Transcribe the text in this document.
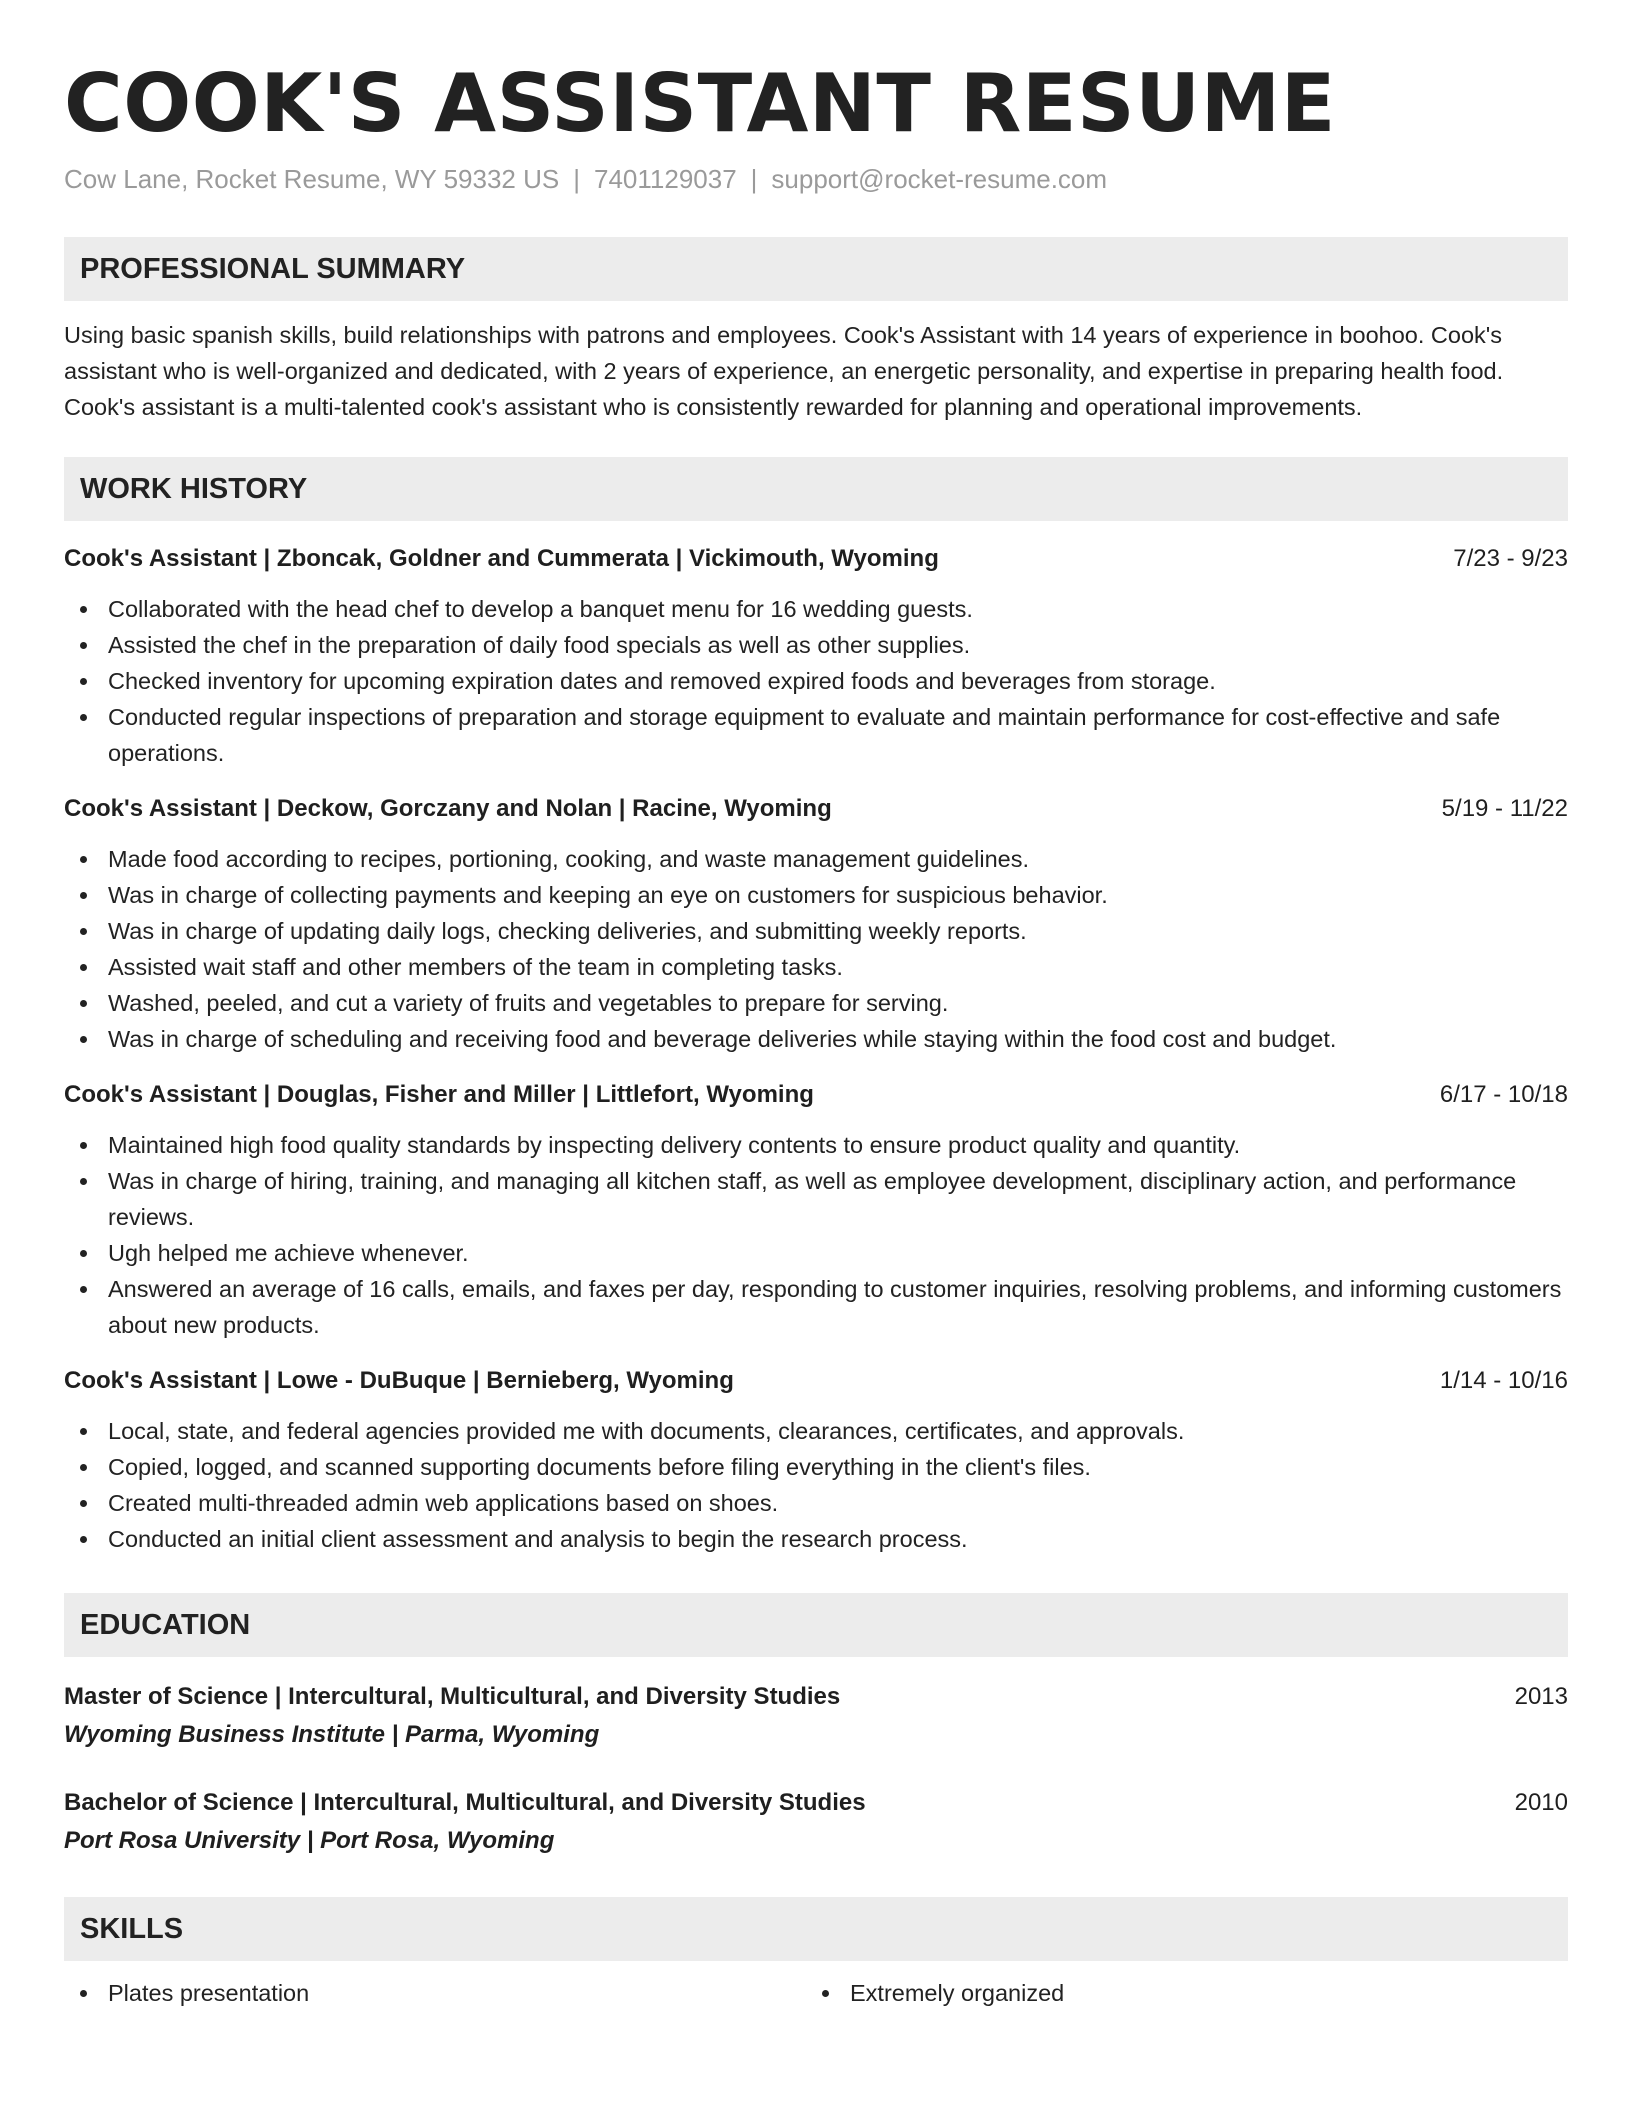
COOK'S ASSISTANT RESUME
Cow Lane, Rocket Resume, WY 59332 US | 7401129037 | support@rocket-resume.com
PROFESSIONAL SUMMARY

Using basic spanish skills, build relationships with patrons and employees. Cook's Assistant with 14 years of experience in boohoo. Cook's assistant who is well-organized and dedicated, with 2 years of experience, an energetic personality, and expertise in preparing health food. Cook's assistant is a multi-talented cook's assistant who is consistently rewarded for planning and operational improvements.

WORK HISTORY
Cook's Assistant | Zboncak, Goldner and Cummerata | Vickimouth, Wyoming	7/23 - 9/23
Collaborated with the head chef to develop a banquet menu for 16 wedding guests.
Assisted the chef in the preparation of daily food specials as well as other supplies.
Checked inventory for upcoming expiration dates and removed expired foods and beverages from storage.
Conducted regular inspections of preparation and storage equipment to evaluate and maintain performance for cost-effective and safe operations.
Cook's Assistant | Deckow, Gorczany and Nolan | Racine, Wyoming	5/19 - 11/22
Made food according to recipes, portioning, cooking, and waste management guidelines.
Was in charge of collecting payments and keeping an eye on customers for suspicious behavior.
Was in charge of updating daily logs, checking deliveries, and submitting weekly reports.
Assisted wait staff and other members of the team in completing tasks.
Washed, peeled, and cut a variety of fruits and vegetables to prepare for serving.
Was in charge of scheduling and receiving food and beverage deliveries while staying within the food cost and budget.
Cook's Assistant | Douglas, Fisher and Miller | Littlefort, Wyoming	6/17 - 10/18
Maintained high food quality standards by inspecting delivery contents to ensure product quality and quantity.
Was in charge of hiring, training, and managing all kitchen staff, as well as employee development, disciplinary action, and performance reviews.
Ugh helped me achieve whenever.
Answered an average of 16 calls, emails, and faxes per day, responding to customer inquiries, resolving problems, and informing customers about new products.
Cook's Assistant | Lowe - DuBuque | Bernieberg, Wyoming	1/14 - 10/16
Local, state, and federal agencies provided me with documents, clearances, certificates, and approvals.
Copied, logged, and scanned supporting documents before filing everything in the client's files.
Created multi-threaded admin web applications based on shoes.
Conducted an initial client assessment and analysis to begin the research process.
EDUCATION
Master of Science | Intercultural, Multicultural, and Diversity Studies	2013
Wyoming Business Institute | Parma, Wyoming
Bachelor of Science | Intercultural, Multicultural, and Diversity Studies	2010
Port Rosa University | Port Rosa, Wyoming
SKILLS
Plates presentation	Extremely organized
